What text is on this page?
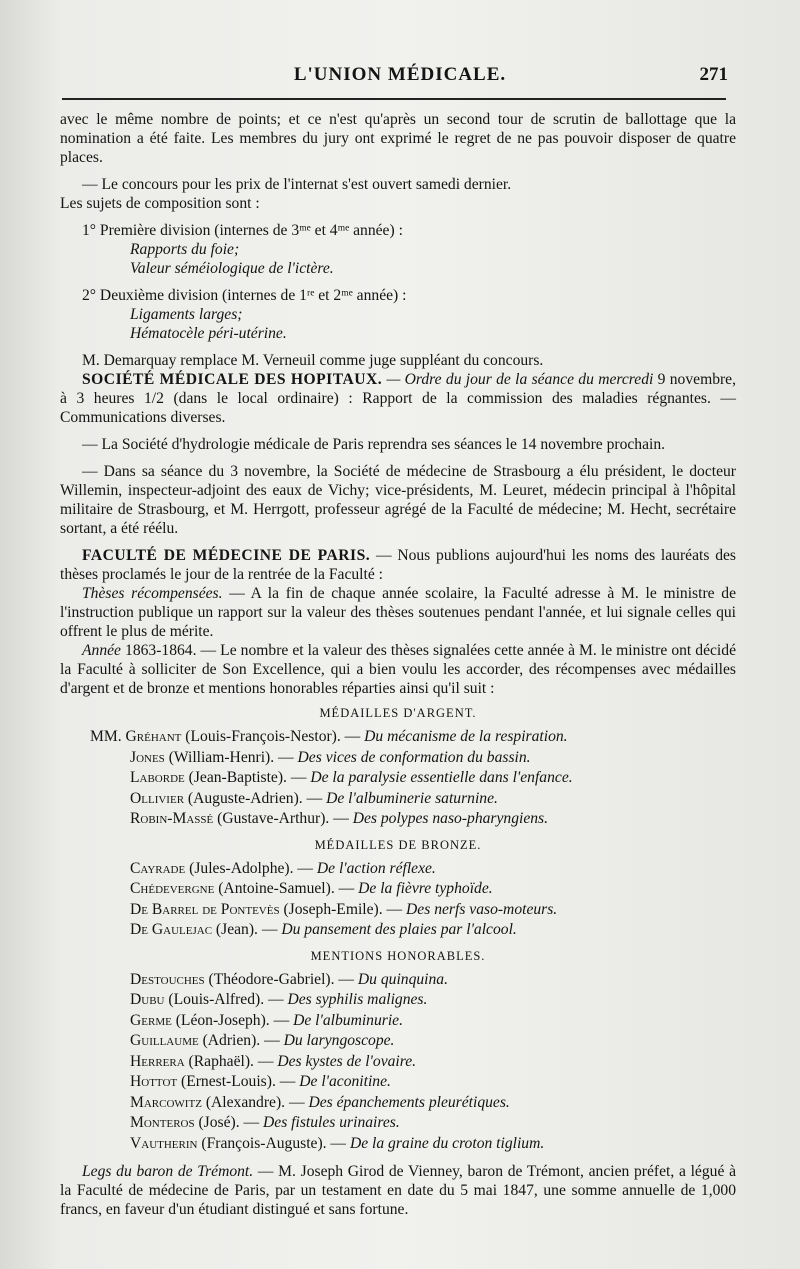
L'UNION MÉDICALE.	271

avec le même nombre de points; et ce n'est qu'après un second tour de scrutin de ballottage que la nomination a été faite. Les membres du jury ont exprimé le regret de ne pas pouvoir disposer de quatre places.

— Le concours pour les prix de l'internat s'est ouvert samedi dernier.

Les sujets de composition sont :

1° Première division (internes de 3ᵐᵉ et 4ᵐᵉ année) :

Rapports du foie;

Valeur séméiologique de l'ictère.

2° Deuxième division (internes de 1ʳᵉ et 2ᵐᵉ année) :

Ligaments larges;

Hématocèle péri-utérine.

M. Demarquay remplace M. Verneuil comme juge suppléant du concours.

SOCIÉTÉ MÉDICALE DES HOPITAUX. — Ordre du jour de la séance du mercredi 9 novembre, à 3 heures 1/2 (dans le local ordinaire) : Rapport de la commission des maladies régnantes. — Communications diverses.

— La Société d'hydrologie médicale de Paris reprendra ses séances le 14 novembre prochain.

— Dans sa séance du 3 novembre, la Société de médecine de Strasbourg a élu président, le docteur Willemin, inspecteur-adjoint des eaux de Vichy; vice-présidents, M. Leuret, médecin principal à l'hôpital militaire de Strasbourg, et M. Herrgott, professeur agrégé de la Faculté de médecine; M. Hecht, secrétaire sortant, a été réélu.

FACULTÉ DE MÉDECINE DE PARIS. — Nous publions aujourd'hui les noms des lauréats des thèses proclamés le jour de la rentrée de la Faculté :

Thèses récompensées. — A la fin de chaque année scolaire, la Faculté adresse à M. le ministre de l'instruction publique un rapport sur la valeur des thèses soutenues pendant l'année, et lui signale celles qui offrent le plus de mérite.

Année 1863-1864. — Le nombre et la valeur des thèses signalées cette année à M. le ministre ont décidé la Faculté à solliciter de Son Excellence, qui a bien voulu les accorder, des récompenses avec médailles d'argent et de bronze et mentions honorables réparties ainsi qu'il suit :

MÉDAILLES D'ARGENT.
MM. Gréhant (Louis-François-Nestor). — Du mécanisme de la respiration.
Jones (William-Henri). — Des vices de conformation du bassin.
Laborde (Jean-Baptiste). — De la paralysie essentielle dans l'enfance.
Ollivier (Auguste-Adrien). — De l'albuminerie saturnine.
Robin-Massé (Gustave-Arthur). — Des polypes naso-pharyngiens.
MÉDAILLES DE BRONZE.
Cayrade (Jules-Adolphe). — De l'action réflexe.
Chédevergne (Antoine-Samuel). — De la fièvre typhoïde.
De Barrel de Pontevès (Joseph-Emile). — Des nerfs vaso-moteurs.
De Gaulejac (Jean). — Du pansement des plaies par l'alcool.
MENTIONS HONORABLES.
Destouches (Théodore-Gabriel). — Du quinquina.
Dubu (Louis-Alfred). — Des syphilis malignes.
Germe (Léon-Joseph). — De l'albuminurie.
Guillaume (Adrien). — Du laryngoscope.
Herrera (Raphaël). — Des kystes de l'ovaire.
Hottot (Ernest-Louis). — De l'aconitine.
Marcowitz (Alexandre). — Des épanchements pleurétiques.
Monteros (José). — Des fistules urinaires.
Vautherin (François-Auguste). — De la graine du croton tiglium.

Legs du baron de Trémont. — M. Joseph Girod de Vienney, baron de Trémont, ancien préfet, a légué à la Faculté de médecine de Paris, par un testament en date du 5 mai 1847, une somme annuelle de 1,000 francs, en faveur d'un étudiant distingué et sans fortune.
